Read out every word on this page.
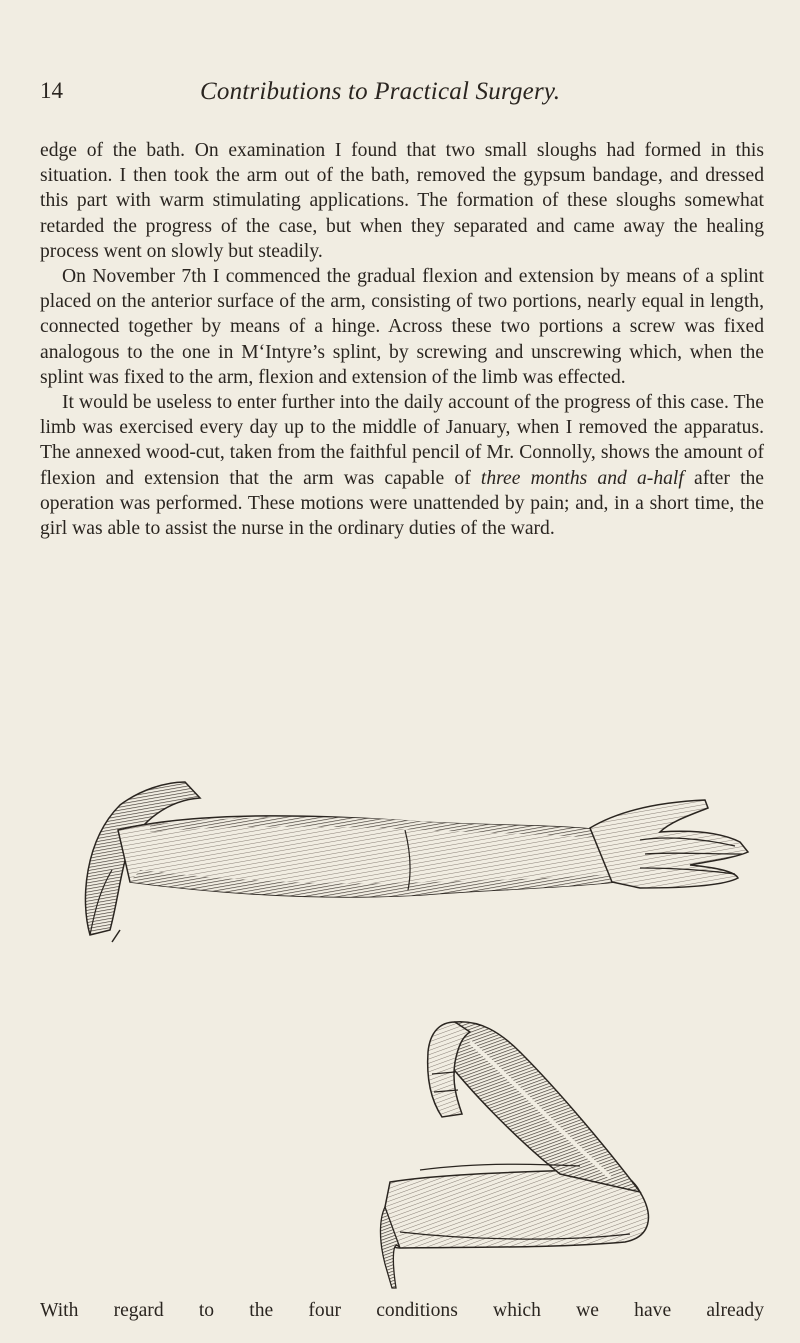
14	Contributions to Practical Surgery.

edge of the bath. On examination I found that two small sloughs had formed in this situation. I then took the arm out of the bath, removed the gypsum bandage, and dressed this part with warm stimulating applications. The formation of these sloughs somewhat retarded the progress of the case, but when they separated and came away the healing process went on slowly but steadily.

On November 7th I commenced the gradual flexion and extension by means of a splint placed on the anterior surface of the arm, consisting of two portions, nearly equal in length, connected together by means of a hinge. Across these two portions a screw was fixed analogous to the one in M‘Intyre’s splint, by screwing and unscrewing which, when the splint was fixed to the arm, flexion and extension of the limb was effected.

It would be useless to enter further into the daily account of the progress of this case. The limb was exercised every day up to the middle of January, when I removed the apparatus. The annexed wood-cut, taken from the faithful pencil of Mr. Connolly, shows the amount of flexion and extension that the arm was capable of three months and a-half after the operation was performed. These motions were unattended by pain; and, in a short time, the girl was able to assist the nurse in the ordinary duties of the ward.

With regard to the four conditions which we have already
